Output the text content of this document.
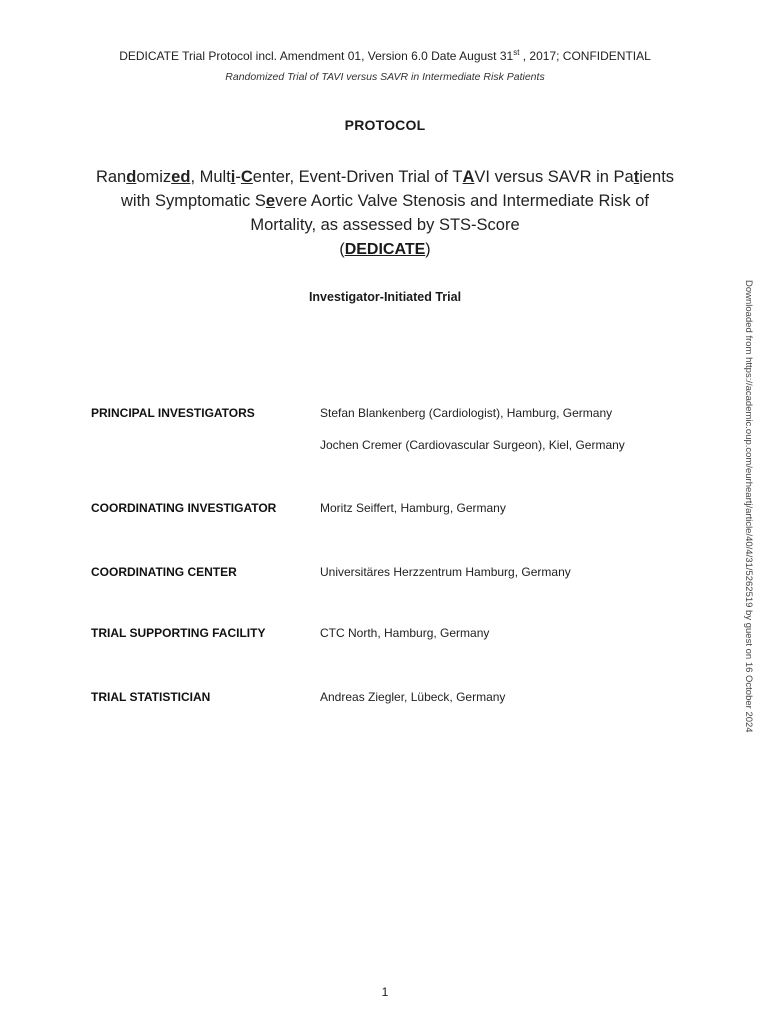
DEDICATE Trial Protocol incl. Amendment 01, Version 6.0 Date August 31st , 2017; CONFIDENTIAL
Randomized Trial of TAVI versus SAVR in Intermediate Risk Patients
PROTOCOL
Randomized, Multi-Center, Event-Driven Trial of TAVI versus SAVR in Patients
with Symptomatic Severe Aortic Valve Stenosis and Intermediate Risk of
Mortality, as assessed by STS-Score
(DEDICATE)
Investigator-Initiated Trial
PRINCIPAL INVESTIGATORS	Stefan Blankenberg (Cardiologist), Hamburg, Germany
Jochen Cremer (Cardiovascular Surgeon), Kiel, Germany
COORDINATING INVESTIGATOR	Moritz Seiffert, Hamburg, Germany
COORDINATING CENTER	Universitäres Herzzentrum Hamburg, Germany
TRIAL SUPPORTING FACILITY	CTC North, Hamburg, Germany
TRIAL STATISTICIAN	Andreas Ziegler, Lübeck, Germany	Downloaded from https://academic.oup.com/eurheartj/article/40/4/31/5262519 by guest on 16 October 2024
1
